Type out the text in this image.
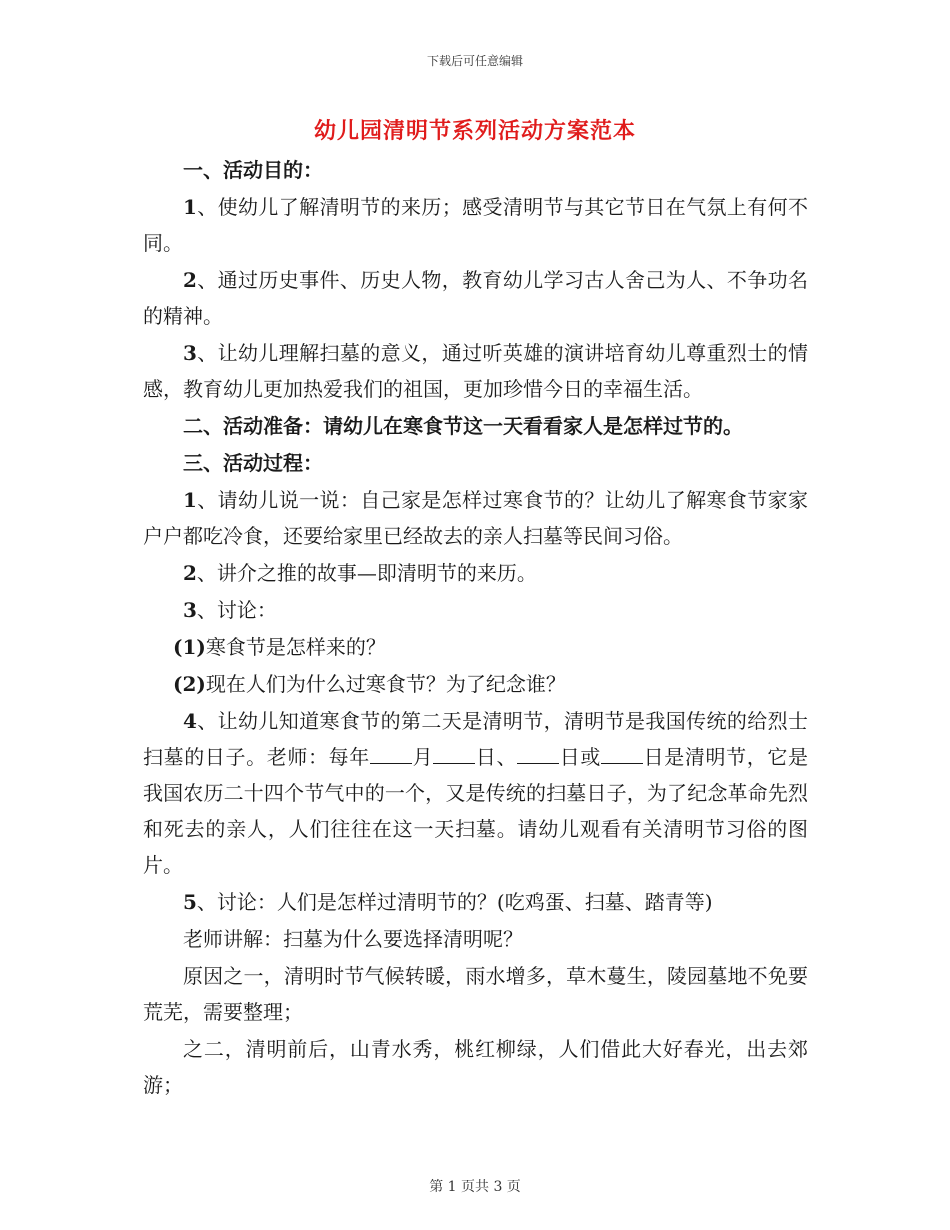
下载后可任意编辑
幼儿园清明节系列活动方案范本

一、活动目的：

1、使幼儿了解清明节的来历；感受清明节与其它节日在气氛上有何不同。

2、通过历史事件、历史人物，教育幼儿学习古人舍己为人、不争功名的精神。

3、让幼儿理解扫墓的意义，通过听英雄的演讲培育幼儿尊重烈士的情感，教育幼儿更加热爱我们的祖国，更加珍惜今日的幸福生活。

二、活动准备：请幼儿在寒食节这一天看看家人是怎样过节的。

三、活动过程：

1、请幼儿说一说：自己家是怎样过寒食节的？让幼儿了解寒食节家家户户都吃冷食，还要给家里已经故去的亲人扫墓等民间习俗。

2、讲介之推的故事—即清明节的来历。

3、讨论：

(1)寒食节是怎样来的？

(2)现在人们为什么过寒食节？为了纪念谁？

4、让幼儿知道寒食节的第二天是清明节，清明节是我国传统的给烈士扫墓的日子。老师：每年 月 日、 日或 日是清明节，它是我国农历二十四个节气中的一个，又是传统的扫墓日子，为了纪念革命先烈和死去的亲人，人们往往在这一天扫墓。请幼儿观看有关清明节习俗的图片。

5、讨论：人们是怎样过清明节的？(吃鸡蛋、扫墓、踏青等)

老师讲解：扫墓为什么要选择清明呢？

原因之一，清明时节气候转暖，雨水增多，草木蔓生，陵园墓地不免要荒芜，需要整理；

之二，清明前后，山青水秀，桃红柳绿，人们借此大好春光，出去郊游；

第 1 页共 3 页
